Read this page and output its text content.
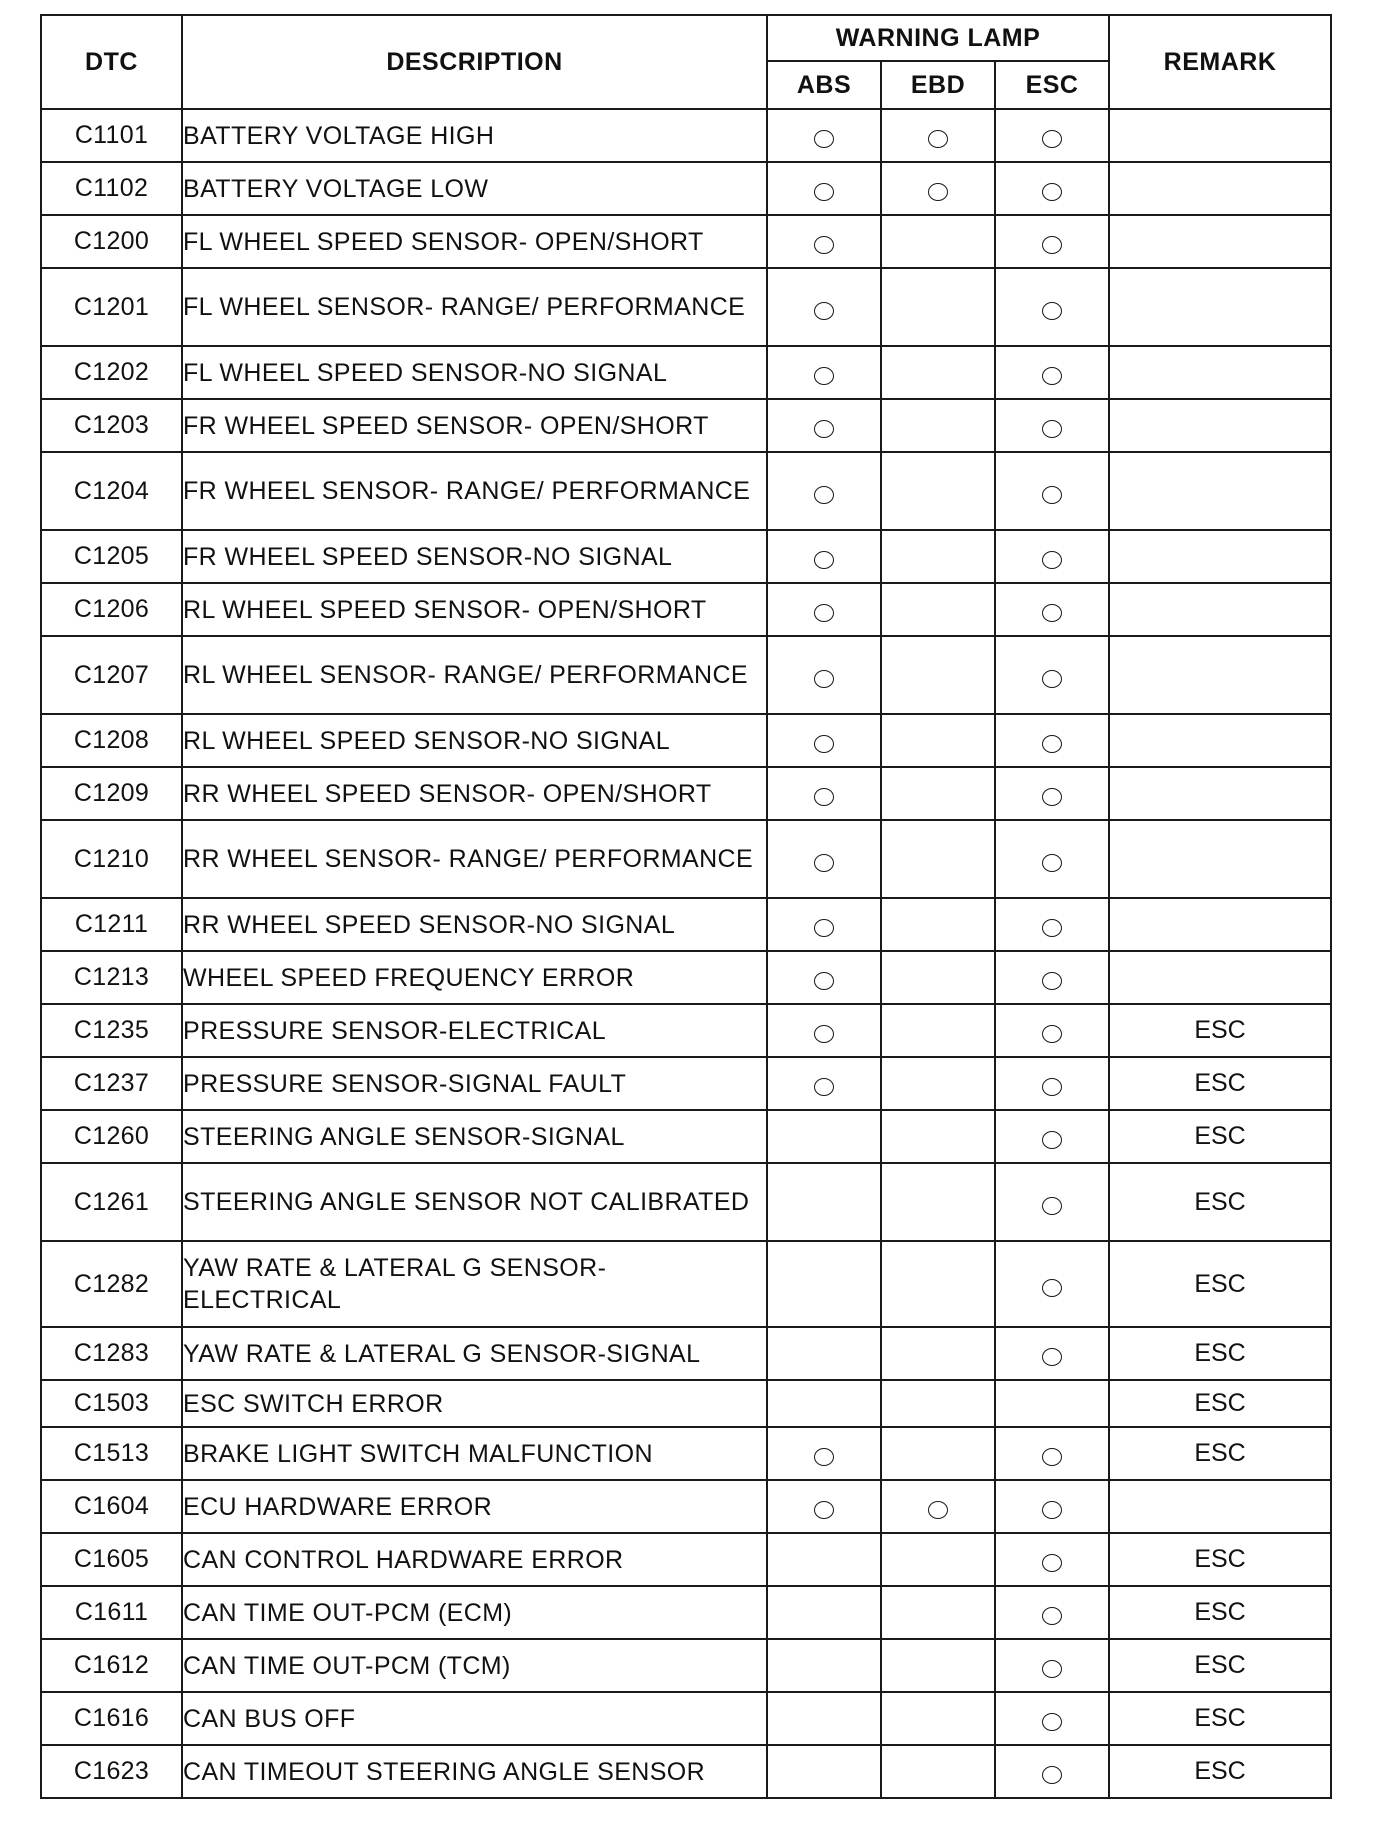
DTC	DESCRIPTION	WARNING LAMP			REMARK
		ABS	EBD	ESC	
C1101	BATTERY VOLTAGE HIGH				
C1102	BATTERY VOLTAGE LOW				
C1200	FL WHEEL SPEED SENSOR- OPEN/SHORT				
C1201	FL WHEEL SENSOR- RANGE/ PERFORMANCE				
C1202	FL WHEEL SPEED SENSOR-NO SIGNAL				
C1203	FR WHEEL SPEED SENSOR- OPEN/SHORT				
C1204	FR WHEEL SENSOR- RANGE/ PERFORMANCE				
C1205	FR WHEEL SPEED SENSOR-NO SIGNAL				
C1206	RL WHEEL SPEED SENSOR- OPEN/SHORT				
C1207	RL WHEEL SENSOR- RANGE/ PERFORMANCE				
C1208	RL WHEEL SPEED SENSOR-NO SIGNAL				
C1209	RR WHEEL SPEED SENSOR- OPEN/SHORT				
C1210	RR WHEEL SENSOR- RANGE/ PERFORMANCE				
C1211	RR WHEEL SPEED SENSOR-NO SIGNAL				
C1213	WHEEL SPEED FREQUENCY ERROR				
C1235	PRESSURE SENSOR-ELECTRICAL				ESC
C1237	PRESSURE SENSOR-SIGNAL FAULT				ESC
C1260	STEERING ANGLE SENSOR-SIGNAL				ESC
C1261	STEERING ANGLE SENSOR NOT CALIBRATED				ESC
C1282	YAW RATE & LATERAL G SENSOR- ELECTRICAL				ESC
C1283	YAW RATE & LATERAL G SENSOR-SIGNAL				ESC
C1503	ESC SWITCH ERROR				ESC
C1513	BRAKE LIGHT SWITCH MALFUNCTION				ESC
C1604	ECU HARDWARE ERROR				
C1605	CAN CONTROL HARDWARE ERROR				ESC
C1611	CAN TIME OUT-PCM (ECM)				ESC
C1612	CAN TIME OUT-PCM (TCM)				ESC
C1616	CAN BUS OFF				ESC
C1623	CAN TIMEOUT STEERING ANGLE SENSOR				ESC
